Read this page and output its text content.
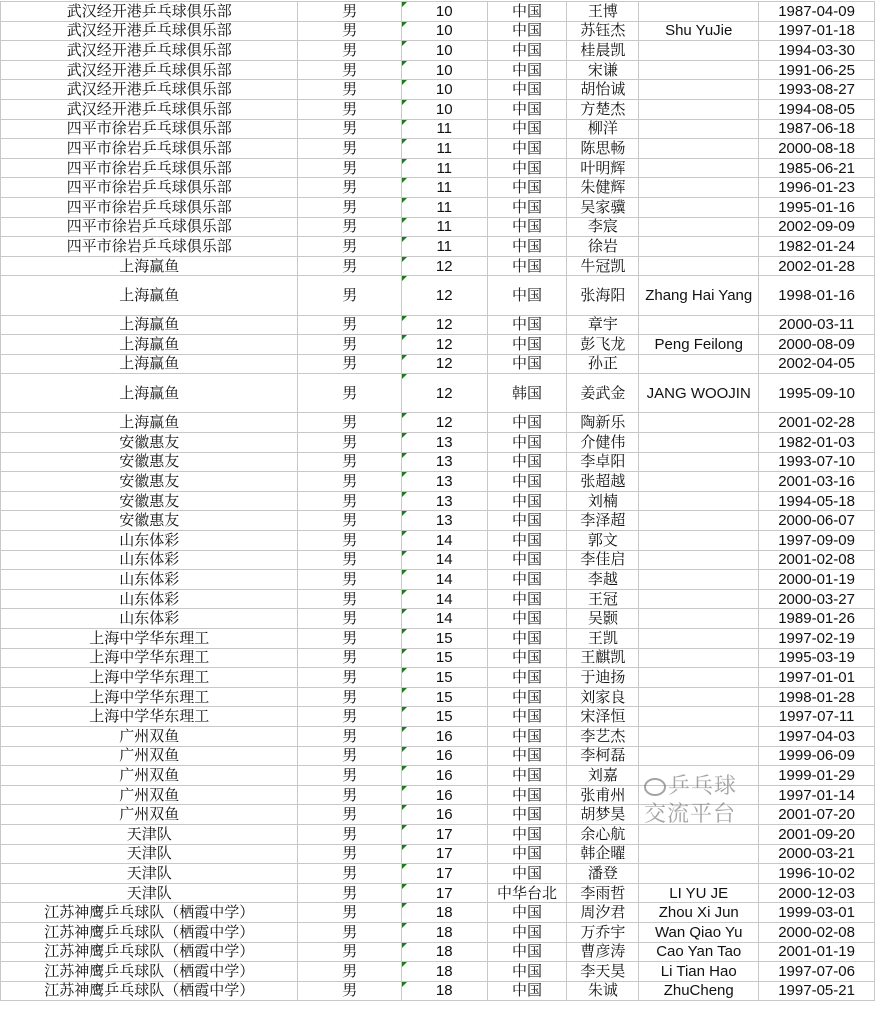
武汉经开港乒乓球俱乐部	男	10	中国	王博		1987-04-09
武汉经开港乒乓球俱乐部	男	10	中国	苏钰杰	Shu YuJie	1997-01-18
武汉经开港乒乓球俱乐部	男	10	中国	桂晨凯		1994-03-30
武汉经开港乒乓球俱乐部	男	10	中国	宋谦		1991-06-25
武汉经开港乒乓球俱乐部	男	10	中国	胡怡诚		1993-08-27
武汉经开港乒乓球俱乐部	男	10	中国	方楚杰		1994-08-05
四平市徐岩乒乓球俱乐部	男	11	中国	柳洋		1987-06-18
四平市徐岩乒乓球俱乐部	男	11	中国	陈思畅		2000-08-18
四平市徐岩乒乓球俱乐部	男	11	中国	叶明辉		1985-06-21
四平市徐岩乒乓球俱乐部	男	11	中国	朱健辉		1996-01-23
四平市徐岩乒乓球俱乐部	男	11	中国	吴家骥		1995-01-16
四平市徐岩乒乓球俱乐部	男	11	中国	李宸		2002-09-09
四平市徐岩乒乓球俱乐部	男	11	中国	徐岩		1982-01-24
上海赢鱼	男	12	中国	牛冠凯		2002-01-28
上海赢鱼	男	12	中国	张海阳	Zhang Hai Yang	1998-01-16
上海赢鱼	男	12	中国	章宇		2000-03-11
上海赢鱼	男	12	中国	彭飞龙	Peng Feilong	2000-08-09
上海赢鱼	男	12	中国	孙正		2002-04-05
上海赢鱼	男	12	韩国	姜武金	JANG WOOJIN	1995-09-10
上海赢鱼	男	12	中国	陶新乐		2001-02-28
安徽惠友	男	13	中国	介健伟		1982-01-03
安徽惠友	男	13	中国	李卓阳		1993-07-10
安徽惠友	男	13	中国	张超越		2001-03-16
安徽惠友	男	13	中国	刘楠		1994-05-18
安徽惠友	男	13	中国	李泽超		2000-06-07
山东体彩	男	14	中国	郭文		1997-09-09
山东体彩	男	14	中国	李佳启		2001-02-08
山东体彩	男	14	中国	李越		2000-01-19
山东体彩	男	14	中国	王冠		2000-03-27
山东体彩	男	14	中国	吴颢		1989-01-26
上海中学华东理工	男	15	中国	王凯		1997-02-19
上海中学华东理工	男	15	中国	王麒凯		1995-03-19
上海中学华东理工	男	15	中国	于迪扬		1997-01-01
上海中学华东理工	男	15	中国	刘家良		1998-01-28
上海中学华东理工	男	15	中国	宋泽恒		1997-07-11
广州双鱼	男	16	中国	李艺杰		1997-04-03
广州双鱼	男	16	中国	李柯磊		1999-06-09
广州双鱼	男	16	中国	刘嘉		1999-01-29
广州双鱼	男	16	中国	张甫州		1997-01-14
广州双鱼	男	16	中国	胡梦昊		2001-07-20
天津队	男	17	中国	余心航		2001-09-20
天津队	男	17	中国	韩企曜		2000-03-21
天津队	男	17	中国	潘登		1996-10-02
天津队	男	17	中华台北	李雨哲	LI YU JE	2000-12-03
江苏神鹰乒乓球队（栖霞中学）	男	18	中国	周汐君	Zhou Xi Jun	1999-03-01
江苏神鹰乒乓球队（栖霞中学）	男	18	中国	万乔宇	Wan Qiao Yu	2000-02-08
江苏神鹰乒乓球队（栖霞中学）	男	18	中国	曹彦涛	Cao Yan Tao	2001-01-19
江苏神鹰乒乓球队（栖霞中学）	男	18	中国	李天昊	Li Tian Hao	1997-07-06
江苏神鹰乒乓球队（栖霞中学）	男	18	中国	朱诚	ZhuCheng	1997-05-21
乒乓球交流平台
